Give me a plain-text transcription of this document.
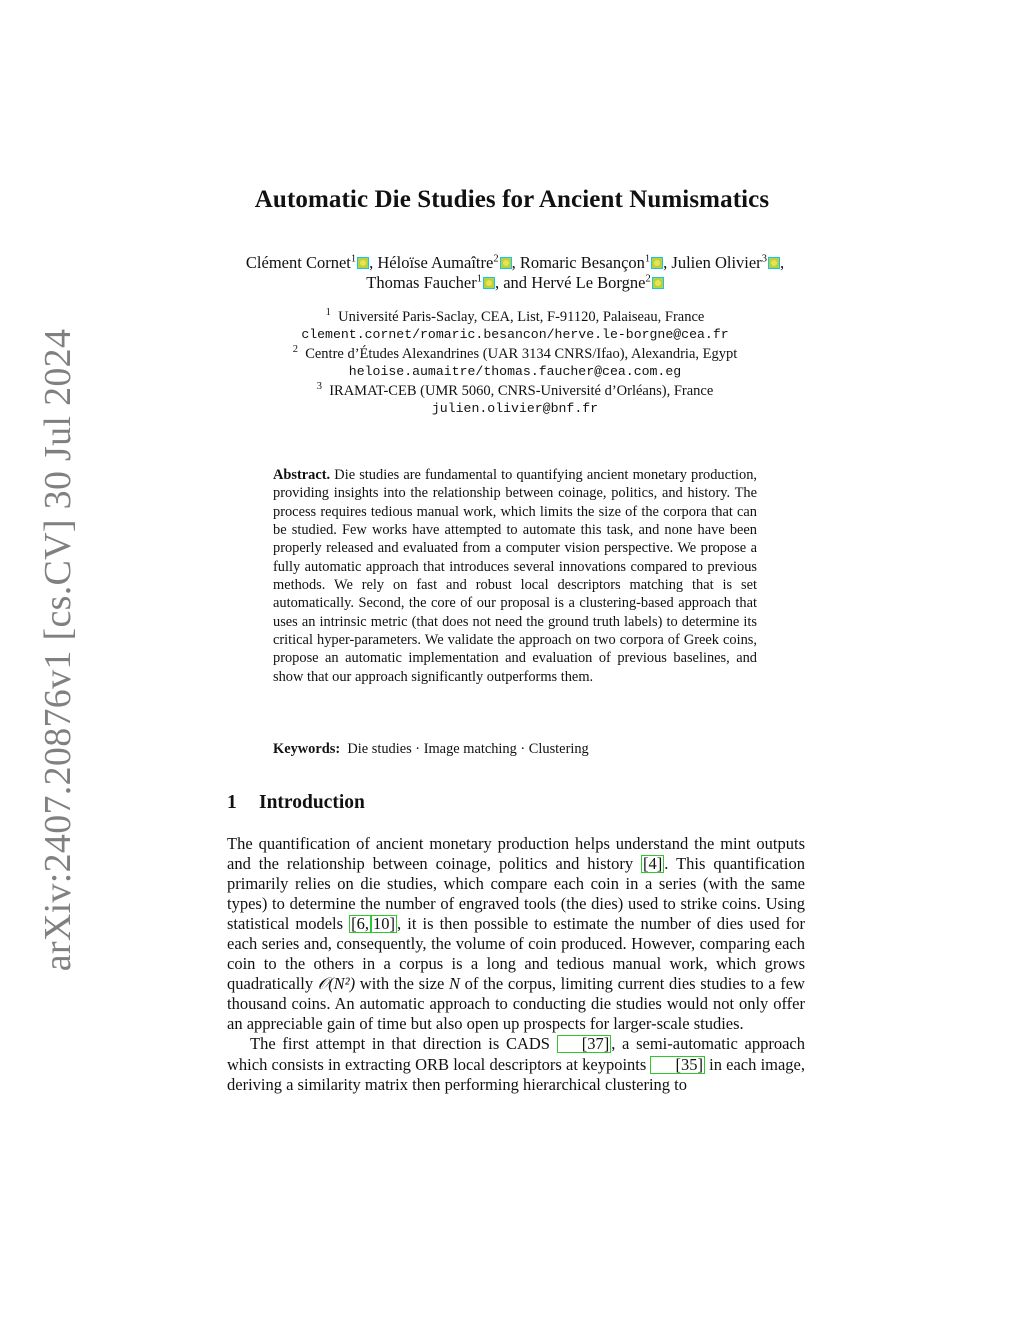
arXiv:2407.20876v1 [cs.CV] 30 Jul 2024
Automatic Die Studies for Ancient Numismatics
Clément Cornet$^1$ , Héloïse Aumaître$^2$ , Romaric Besançon$^1$ , Julien Olivier$^3$ , Thomas Faucher$^1$ , and Hervé Le Borgne$^2$
$^1$ Université Paris-Saclay, CEA, List, F-91120, Palaiseau, France
clement.cornet/romaric.besancon/herve.le-borgne@cea.fr
$^2$ Centre d’Études Alexandrines (UAR 3134 CNRS/Ifao), Alexandria, Egypt
heloise.aumaitre/thomas.faucher@cea.com.eg
$^3$ IRAMAT-CEB (UMR 5060, CNRS-Université d’Orléans), France
julien.olivier@bnf.fr
Abstract. Die studies are fundamental to quantifying ancient monetary production, providing insights into the relationship between coinage, politics, and history. The process requires tedious manual work, which limits the size of the corpora that can be studied. Few works have attempted to automate this task, and none have been properly released and evaluated from a computer vision perspective. We propose a fully automatic approach that introduces several innovations compared to previous methods. We rely on fast and robust local descriptors matching that is set automatically. Second, the core of our proposal is a clustering-based approach that uses an intrinsic metric (that does not need the ground truth labels) to determine its critical hyper-parameters. We validate the approach on two corpora of Greek coins, propose an automatic implementation and evaluation of previous baselines, and show that our approach significantly outperforms them.
Keywords: Die studies · Image matching · Clustering
1 Introduction

The quantification of ancient monetary production helps understand the mint outputs and the relationship between coinage, politics and history [4] . This quantification primarily relies on die studies, which compare each coin in a series (with the same types) to determine the number of engraved tools (the dies) used to strike coins. Using statistical models [6, 10] , it is then possible to estimate the number of dies used for each series and, consequently, the volume of coin produced. However, comparing each coin to the others in a corpus is a long and tedious manual work, which grows quadratically 𝒪(N²) with the size N of the corpus, limiting current dies studies to a few thousand coins. An automatic approach to conducting die studies would not only offer an appreciable gain of time but also open up prospects for larger-scale studies.

The first attempt in that direction is CADS [37] , a semi-automatic approach which consists in extracting ORB local descriptors at keypoints [35] in each image, deriving a similarity matrix then performing hierarchical clustering to
